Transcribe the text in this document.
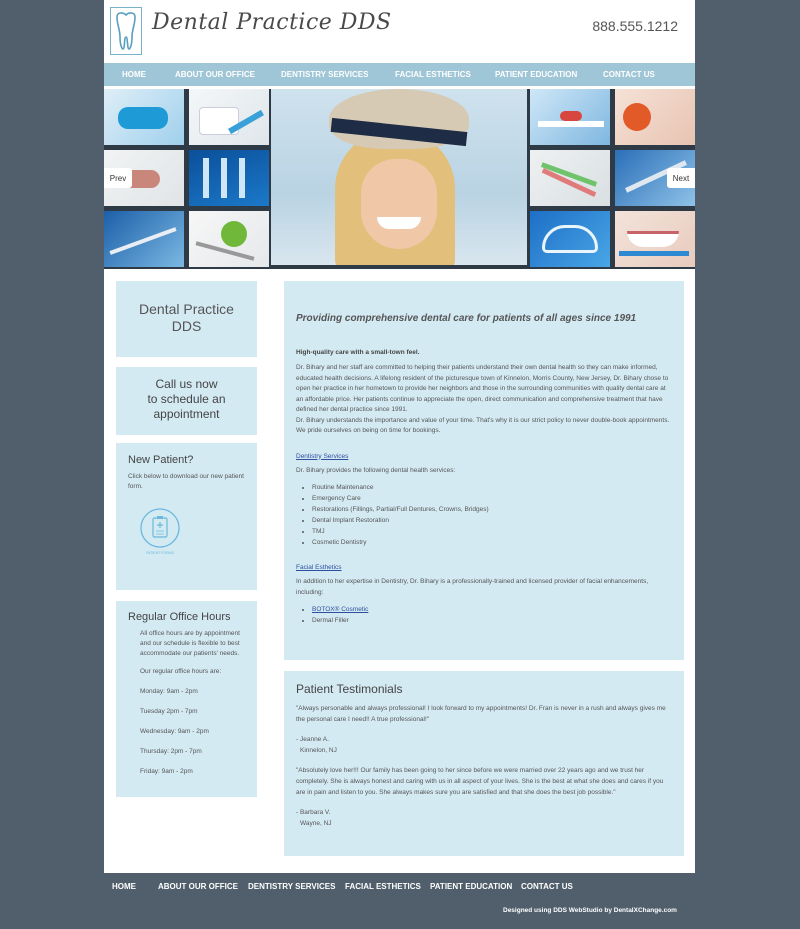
Dental Practice DDS	888.555.1212
HOME	ABOUT OUR OFFICE	DENTISTRY SERVICES	FACIAL ESTHETICS	PATIENT EDUCATION	CONTACT US
Prev	Next
Dental Practice
DDS
Call us now
to schedule an
appointment
New Patient?
Click below to download our new patient form.
PATIENT FORMS
Regular Office Hours
All office hours are by appointment and our schedule is flexible to best accommodate our patients' needs.
Our regular office hours are:
Monday: 9am - 2pm
Tuesday 2pm - 7pm
Wednesday: 9am - 2pm
Thursday: 2pm - 7pm
Friday: 9am - 2pm
Providing comprehensive dental care for patients of all ages since 1991
High-quality care with a small-town feel.
Dr. Bihary and her staff are committed to helping their patients understand their own dental health so they can make informed, educated health decisions. A lifelong resident of the picturesque town of Kinnelon, Morris County, New Jersey, Dr. Bihary chose to open her practice in her hometown to provide her neighbors and those in the surrounding communities with quality dental care at an affordable price. Her patients continue to appreciate the open, direct communication and comprehensive treatment that have defined her dental practice since 1991.
Dr. Bihary understands the importance and value of your time. That's why it is our strict policy to never double-book appointments. We pride ourselves on being on time for bookings.
Dentistry Services
Dr. Bihary provides the following dental health services:
• Routine Maintenance
• Emergency Care
• Restorations (Fillings, Partial/Full Dentures, Crowns, Bridges)
• Dental Implant Restoration
• TMJ
• Cosmetic Dentistry
Facial Esthetics
In addition to her expertise in Dentistry, Dr. Bihary is a professionally-trained and licensed provider of facial enhancements, including:
• BOTOX® Cosmetic
• Dermal Filler
Patient Testimonials
"Always personable and always professional! I look forward to my appointments! Dr. Fran is never in a rush and always gives me the personal care I need!! A true professional!"
- Jeanne A.
Kinnelon, NJ
"Absolutely love her!!! Our family has been going to her since before we were married over 22 years ago and we trust her completely. She is always honest and caring with us in all aspect of your lives. She is the best at what she does and cares if you are in pain and listen to you. She always makes sure you are satisfied and that she does the best job possible."
- Barbara V.
Wayne, NJ
HOME	ABOUT OUR OFFICE DENTISTRY SERVICES FACIAL ESTHETICS PATIENT EDUCATION CONTACT US
Designed using DDS WebStudio by DentalXChange.com
